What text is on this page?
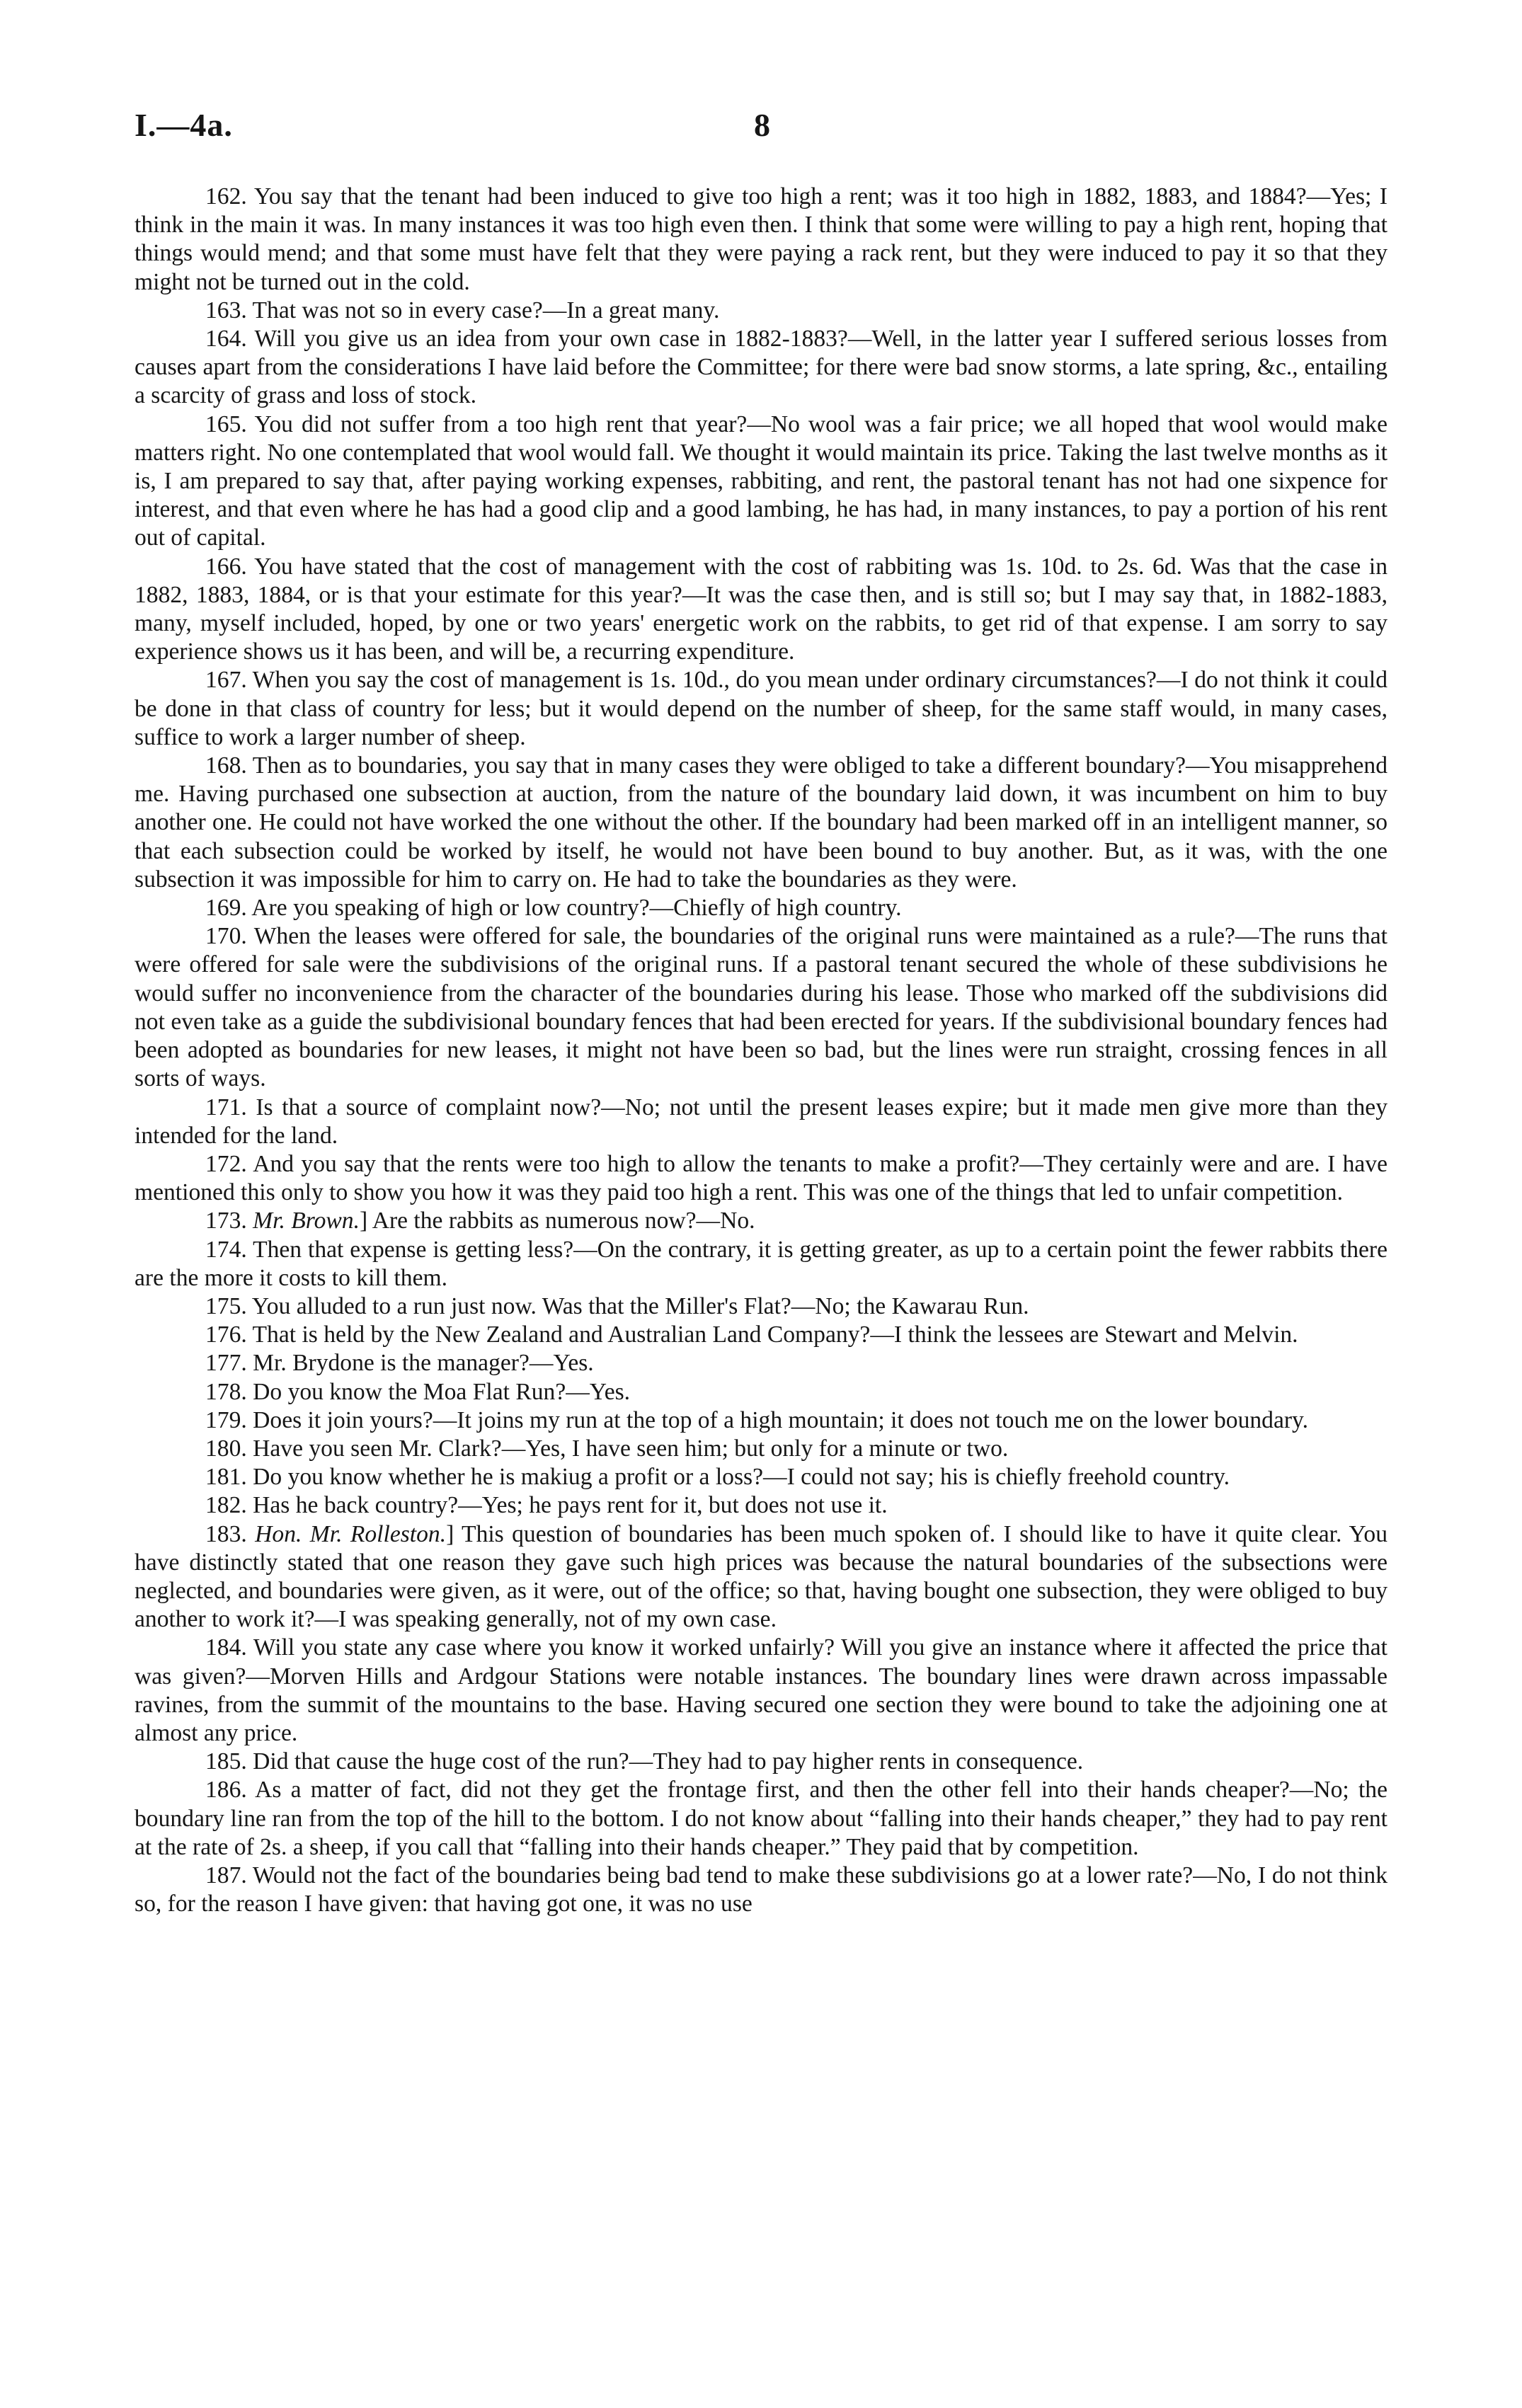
I.—4a.	8

162. You say that the tenant had been induced to give too high a rent; was it too high in 1882, 1883, and 1884?—Yes; I think in the main it was. In many instances it was too high even then. I think that some were willing to pay a high rent, hoping that things would mend; and that some must have felt that they were paying a rack rent, but they were induced to pay it so that they might not be turned out in the cold.

163. That was not so in every case?—In a great many.

164. Will you give us an idea from your own case in 1882-1883?—Well, in the latter year I suffered serious losses from causes apart from the considerations I have laid before the Committee; for there were bad snow storms, a late spring, &c., entailing a scarcity of grass and loss of stock.

165. You did not suffer from a too high rent that year?—No wool was a fair price; we all hoped that wool would make matters right. No one contemplated that wool would fall. We thought it would maintain its price. Taking the last twelve months as it is, I am prepared to say that, after paying working expenses, rabbiting, and rent, the pastoral tenant has not had one sixpence for interest, and that even where he has had a good clip and a good lambing, he has had, in many instances, to pay a portion of his rent out of capital.

166. You have stated that the cost of management with the cost of rabbiting was 1s. 10d. to 2s. 6d. Was that the case in 1882, 1883, 1884, or is that your estimate for this year?—It was the case then, and is still so; but I may say that, in 1882-1883, many, myself included, hoped, by one or two years' energetic work on the rabbits, to get rid of that expense. I am sorry to say experience shows us it has been, and will be, a recurring expenditure.

167. When you say the cost of management is 1s. 10d., do you mean under ordinary circumstances?—I do not think it could be done in that class of country for less; but it would depend on the number of sheep, for the same staff would, in many cases, suffice to work a larger number of sheep.

168. Then as to boundaries, you say that in many cases they were obliged to take a different boundary?—You misapprehend me. Having purchased one subsection at auction, from the nature of the boundary laid down, it was incumbent on him to buy another one. He could not have worked the one without the other. If the boundary had been marked off in an intelligent manner, so that each subsection could be worked by itself, he would not have been bound to buy another. But, as it was, with the one subsection it was impossible for him to carry on. He had to take the boundaries as they were.

169. Are you speaking of high or low country?—Chiefly of high country.

170. When the leases were offered for sale, the boundaries of the original runs were maintained as a rule?—The runs that were offered for sale were the subdivisions of the original runs. If a pastoral tenant secured the whole of these subdivisions he would suffer no inconvenience from the character of the boundaries during his lease. Those who marked off the subdivisions did not even take as a guide the subdivisional boundary fences that had been erected for years. If the subdivisional boundary fences had been adopted as boundaries for new leases, it might not have been so bad, but the lines were run straight, crossing fences in all sorts of ways.

171. Is that a source of complaint now?—No; not until the present leases expire; but it made men give more than they intended for the land.

172. And you say that the rents were too high to allow the tenants to make a profit?—They certainly were and are. I have mentioned this only to show you how it was they paid too high a rent. This was one of the things that led to unfair competition.

173. Mr. Brown.] Are the rabbits as numerous now?—No.

174. Then that expense is getting less?—On the contrary, it is getting greater, as up to a certain point the fewer rabbits there are the more it costs to kill them.

175. You alluded to a run just now. Was that the Miller's Flat?—No; the Kawarau Run.

176. That is held by the New Zealand and Australian Land Company?—I think the lessees are Stewart and Melvin.

177. Mr. Brydone is the manager?—Yes.

178. Do you know the Moa Flat Run?—Yes.

179. Does it join yours?—It joins my run at the top of a high mountain; it does not touch me on the lower boundary.

180. Have you seen Mr. Clark?—Yes, I have seen him; but only for a minute or two.

181. Do you know whether he is makiug a profit or a loss?—I could not say; his is chiefly freehold country.

182. Has he back country?—Yes; he pays rent for it, but does not use it.

183. Hon. Mr. Rolleston.] This question of boundaries has been much spoken of. I should like to have it quite clear. You have distinctly stated that one reason they gave such high prices was because the natural boundaries of the subsections were neglected, and boundaries were given, as it were, out of the office; so that, having bought one subsection, they were obliged to buy another to work it?—I was speaking generally, not of my own case.

184. Will you state any case where you know it worked unfairly? Will you give an instance where it affected the price that was given?—Morven Hills and Ardgour Stations were notable instances. The boundary lines were drawn across impassable ravines, from the summit of the mountains to the base. Having secured one section they were bound to take the adjoining one at almost any price.

185. Did that cause the huge cost of the run?—They had to pay higher rents in consequence.

186. As a matter of fact, did not they get the frontage first, and then the other fell into their hands cheaper?—No; the boundary line ran from the top of the hill to the bottom. I do not know about “falling into their hands cheaper,” they had to pay rent at the rate of 2s. a sheep, if you call that “falling into their hands cheaper.” They paid that by competition.

187. Would not the fact of the boundaries being bad tend to make these subdivisions go at a lower rate?—No, I do not think so, for the reason I have given: that having got one, it was no use
